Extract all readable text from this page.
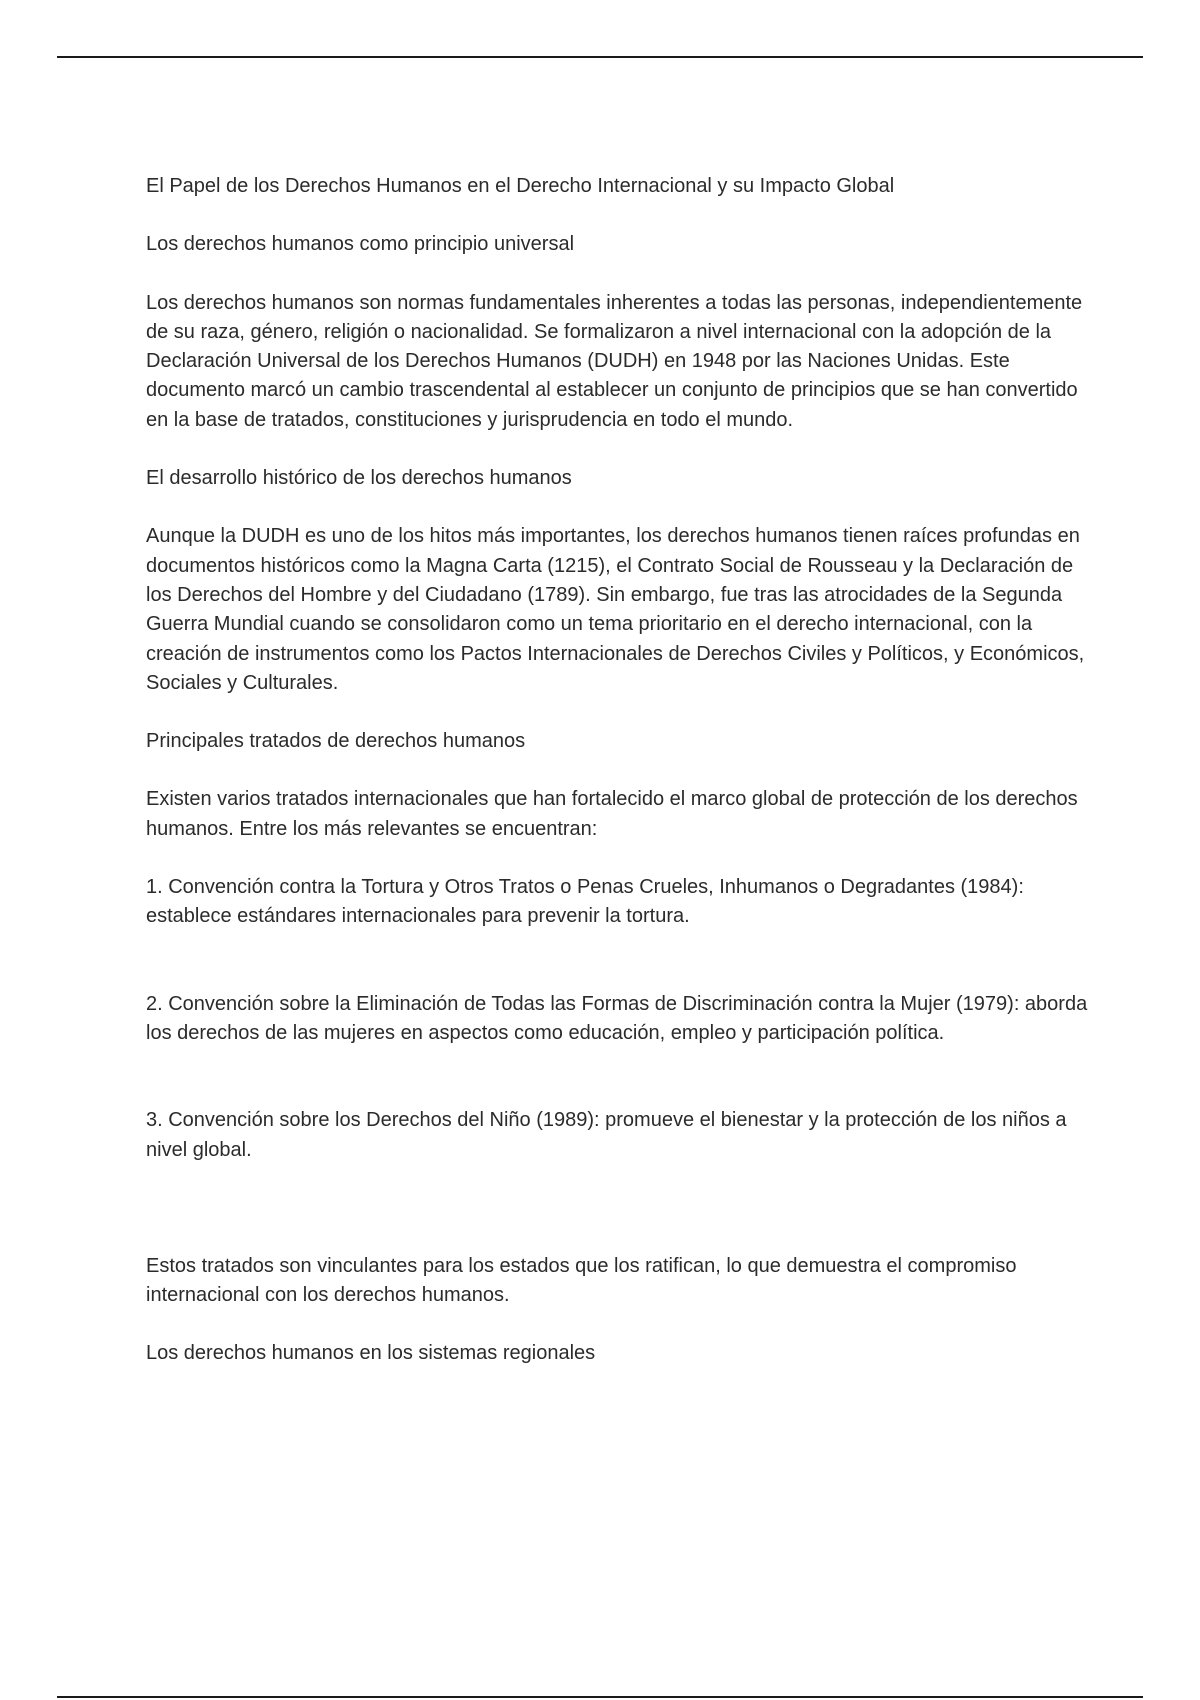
El Papel de los Derechos Humanos en el Derecho Internacional y su Impacto Global

Los derechos humanos como principio universal

Los derechos humanos son normas fundamentales inherentes a todas las personas, independientemente de su raza, género, religión o nacionalidad. Se formalizaron a nivel internacional con la adopción de la Declaración Universal de los Derechos Humanos (DUDH) en 1948 por las Naciones Unidas. Este documento marcó un cambio trascendental al establecer un conjunto de principios que se han convertido en la base de tratados, constituciones y jurisprudencia en todo el mundo.

El desarrollo histórico de los derechos humanos

Aunque la DUDH es uno de los hitos más importantes, los derechos humanos tienen raíces profundas en documentos históricos como la Magna Carta (1215), el Contrato Social de Rousseau y la Declaración de los Derechos del Hombre y del Ciudadano (1789). Sin embargo, fue tras las atrocidades de la Segunda Guerra Mundial cuando se consolidaron como un tema prioritario en el derecho internacional, con la creación de instrumentos como los Pactos Internacionales de Derechos Civiles y Políticos, y Económicos, Sociales y Culturales.

Principales tratados de derechos humanos

Existen varios tratados internacionales que han fortalecido el marco global de protección de los derechos humanos. Entre los más relevantes se encuentran:

1. Convención contra la Tortura y Otros Tratos o Penas Crueles, Inhumanos o Degradantes (1984): establece estándares internacionales para prevenir la tortura.

2. Convención sobre la Eliminación de Todas las Formas de Discriminación contra la Mujer (1979): aborda los derechos de las mujeres en aspectos como educación, empleo y participación política.

3. Convención sobre los Derechos del Niño (1989): promueve el bienestar y la protección de los niños a nivel global.

Estos tratados son vinculantes para los estados que los ratifican, lo que demuestra el compromiso internacional con los derechos humanos.

Los derechos humanos en los sistemas regionales
